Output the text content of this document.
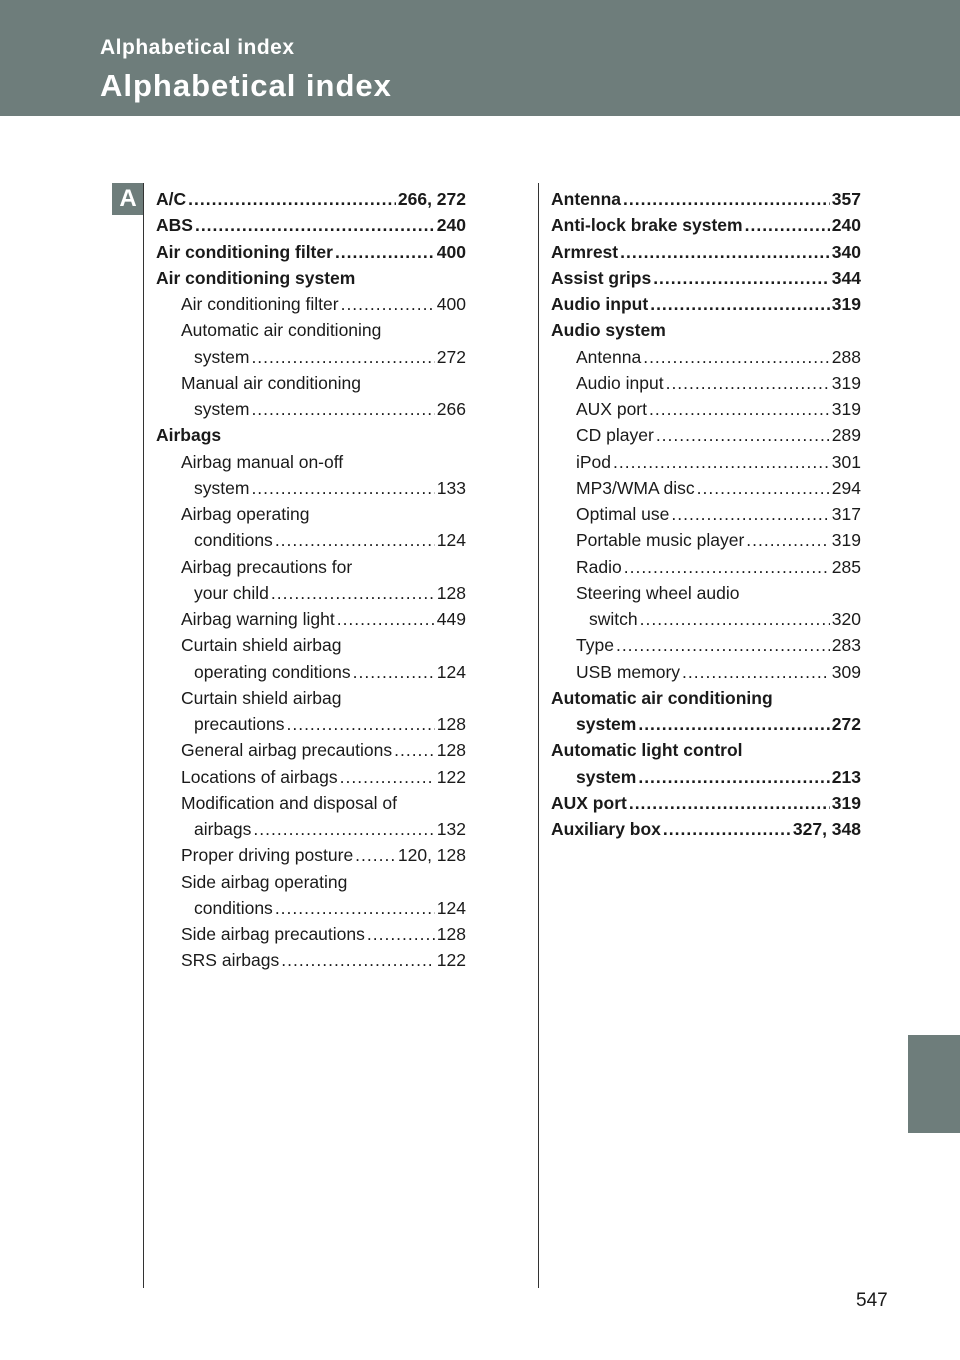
Alphabetical index
Alphabetical index
A	A/C .....	266, 272
ABS .....	240
Air conditioning filter .....	400
Air conditioning system
Air conditioning filter .....	400
Automatic air conditioning
system .....	272
Manual air conditioning
system .....	266
Airbags
Airbag manual on-off
system .....	133
Airbag operating
conditions .....	124
Airbag precautions for
your child .....	128
Airbag warning light .....	449
Curtain shield airbag
operating conditions .....	124
Curtain shield airbag
precautions .....	128
General airbag precautions .....	128
Locations of airbags .....	122
Modification and disposal of
airbags .....	132
Proper driving posture .....	120, 128
Side airbag operating
conditions .....	124
Side airbag precautions .....	128
SRS airbags .....	122
Antenna .....	357
Anti-lock brake system .....	240
Armrest .....	340
Assist grips .....	344
Audio input .....	319
Audio system
Antenna .....	288
Audio input .....	319
AUX port .....	319
CD player .....	289
iPod .....	301
MP3/WMA disc .....	294
Optimal use .....	317
Portable music player .....	319
Radio .....	285
Steering wheel audio
switch .....	320
Type .....	283
USB memory .....	309
Automatic air conditioning
system .....	272
Automatic light control
system .....	213
AUX port .....	319
Auxiliary box .....	327, 348
547
